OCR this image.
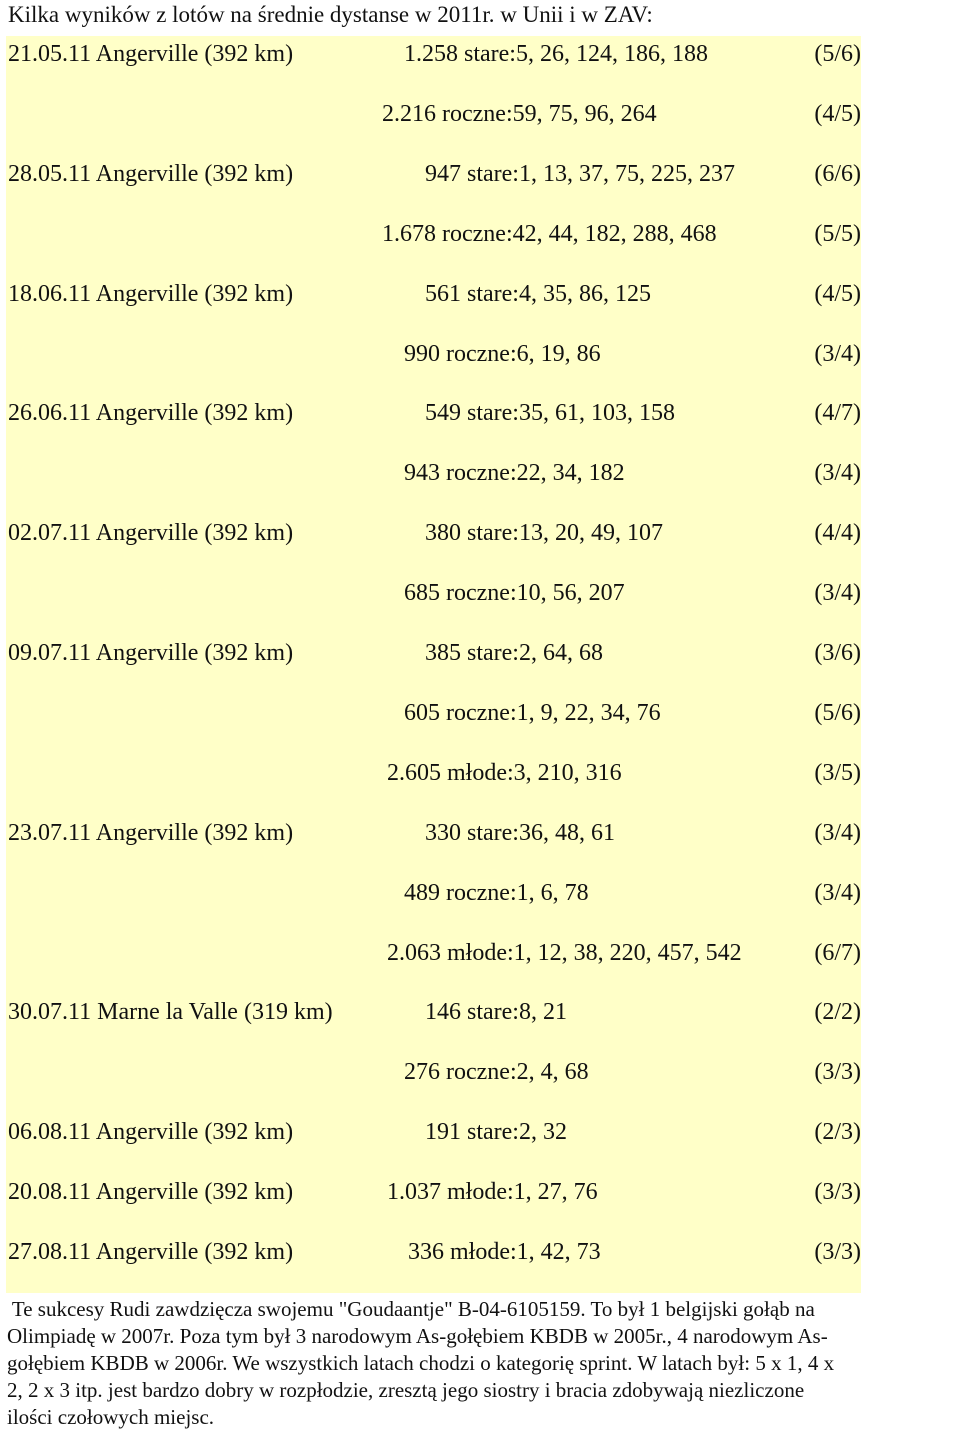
Kilka wyników z lotów na średnie dystanse w 2011r. w Unii i w ZAV:
21.05.11 Angerville (392 km)	1.258 stare:5, 26, 124, 186, 188	(5/6)
2.216 roczne:59, 75, 96, 264	(4/5)
28.05.11 Angerville (392 km)	947 stare:1, 13, 37, 75, 225, 237	(6/6)
1.678 roczne:42, 44, 182, 288, 468	(5/5)
18.06.11 Angerville (392 km)	561 stare:4, 35, 86, 125	(4/5)
990 roczne:6, 19, 86	(3/4)
26.06.11 Angerville (392 km)	549 stare:35, 61, 103, 158	(4/7)
943 roczne:22, 34, 182	(3/4)
02.07.11 Angerville (392 km)	380 stare:13, 20, 49, 107	(4/4)
685 roczne:10, 56, 207	(3/4)
09.07.11 Angerville (392 km)	385 stare:2, 64, 68	(3/6)
605 roczne:1, 9, 22, 34, 76	(5/6)
2.605 młode:3, 210, 316	(3/5)
23.07.11 Angerville (392 km)	330 stare:36, 48, 61	(3/4)
489 roczne:1, 6, 78	(3/4)
2.063 młode:1, 12, 38, 220, 457, 542	(6/7)
30.07.11 Marne la Valle (319 km)	146 stare:8, 21	(2/2)
276 roczne:2, 4, 68	(3/3)
06.08.11 Angerville (392 km)	191 stare:2, 32	(2/3)
20.08.11 Angerville (392 km)	1.037 młode:1, 27, 76	(3/3)
27.08.11 Angerville (392 km)	336 młode:1, 42, 73	(3/3)
Te sukcesy Rudi zawdzięcza swojemu "Goudaantje" B-04-6105159. To był 1 belgijski gołąb na
Olimpiadę w 2007r. Poza tym był 3 narodowym As-gołębiem KBDB w 2005r., 4 narodowym As-
gołębiem KBDB w 2006r. We wszystkich latach chodzi o kategorię sprint. W latach był: 5 x 1, 4 x
2, 2 x 3 itp. jest bardzo dobry w rozpłodzie, zresztą jego siostry i bracia zdobywają niezliczone
ilości czołowych miejsc.
